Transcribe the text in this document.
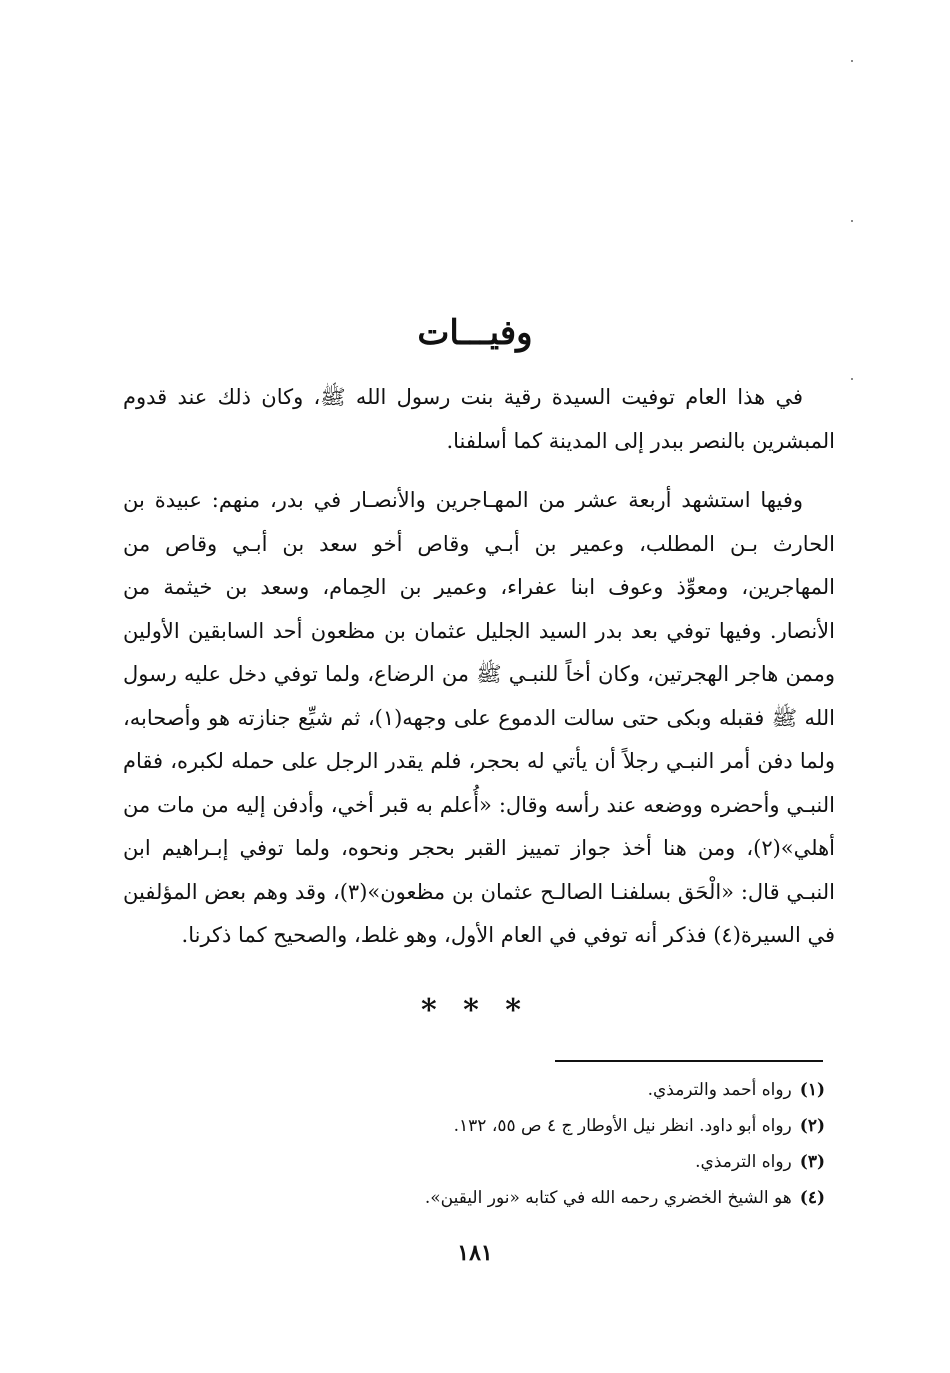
وفيـــات

في هذا العام توفيت السيدة رقية بنت رسول الله ﷺ، وكان ذلك عند قدوم المبشرين بالنصر ببدر إلى المدينة كما أسلفنا.

وفيها استشهد أربعة عشر من المهـاجرين والأنصـار في بدر، منهم: عبيدة بن الحارث بـن المطلب، وعمير بن أبـي وقاص أخو سعد بن أبـي وقاص من المهاجرين، ومعوِّذ وعوف ابنا عفراء، وعمير بن الحِمام، وسعد بن خيثمة من الأنصار. وفيها توفي بعد بدر السيد الجليل عثمان بن مظعون أحد السابقين الأولين وممن هاجر الهجرتين، وكان أخاً للنبـي ﷺ من الرضاع، ولما توفي دخل عليه رسول الله ﷺ فقبله وبكى حتى سالت الدموع على وجهه(١)، ثم شيِّع جنازته هو وأصحابه، ولما دفن أمر النبـي رجلاً أن يأتي له بحجر، فلم يقدر الرجل على حمله لكبره، فقام النبـي وأحضره ووضعه عند رأسه وقال: «أُعلم به قبر أخي، وأدفن إليه من مات من أهلي»(٢)، ومن هنا أخذ جواز تمييز القبر بحجر ونحوه، ولما توفي إبـراهيم ابن النبـي قال: «الْحَق بسلفنـا الصالـح عثمان بن مظعون»(٣)، وقد وهم بعض المؤلفين في السيرة(٤) فذكر أنه توفي في العام الأول، وهو غلط، والصحيح كما ذكرنا.

* * *
(١)رواه أحمد والترمذي.
(٢)رواه أبو داود. انظر نيل الأوطار ج ٤ ص ٥٥، ١٣٢.
(٣)رواه الترمذي.
(٤)هو الشيخ الخضري رحمه الله في كتابه «نور اليقين».
١٨١
